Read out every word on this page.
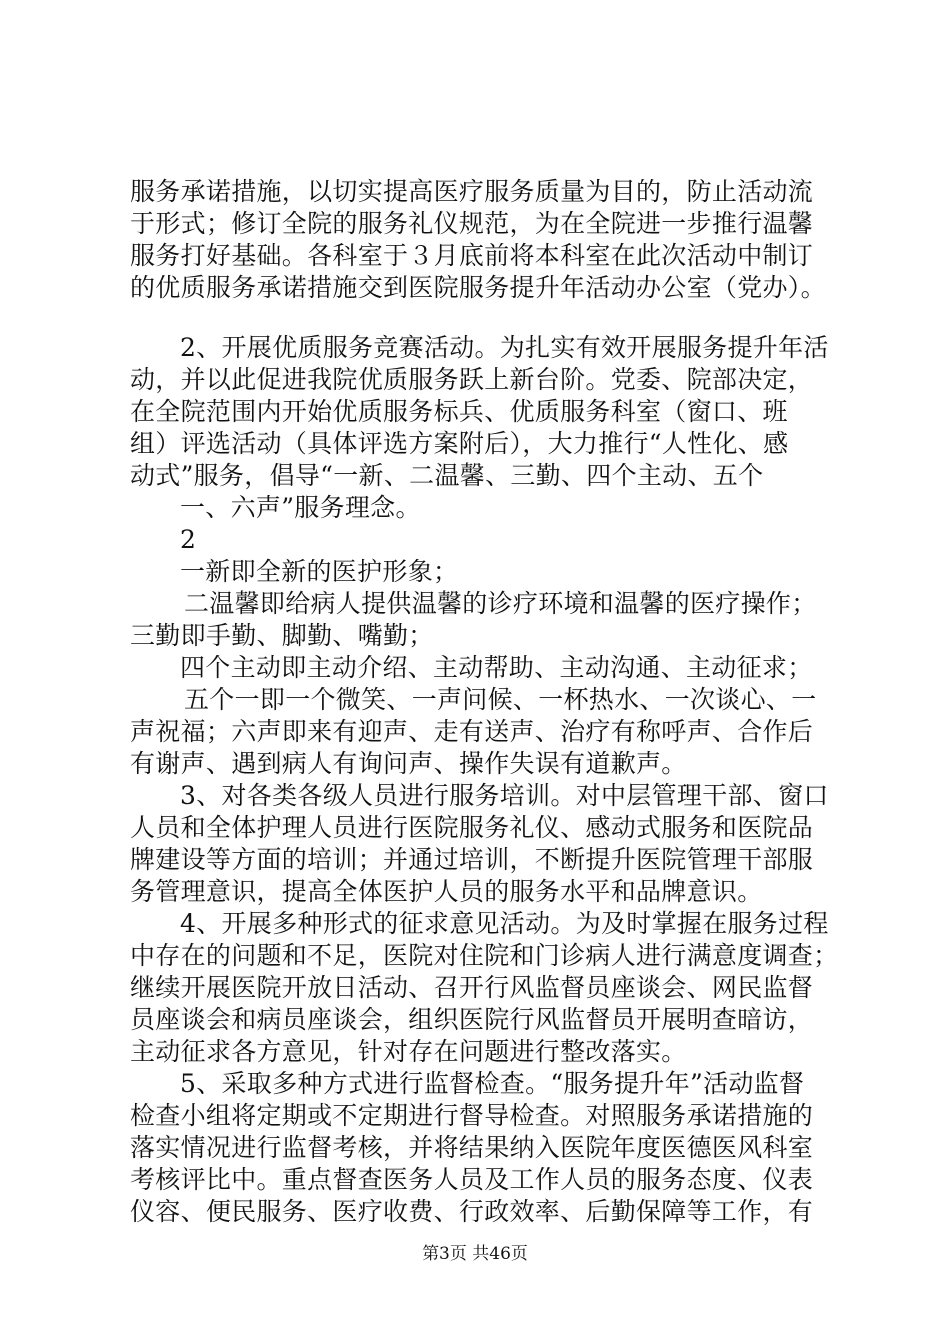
服务承诺措施，以切实提高医疗服务质量为目的，防止活动流
于形式；修订全院的服务礼仪规范，为在全院进一步推行温馨
服务打好基础。各科室于３月底前将本科室在此次活动中制订
的优质服务承诺措施交到医院服务提升年活动办公室（党办）。
2、开展优质服务竞赛活动。为扎实有效开展服务提升年活
动，并以此促进我院优质服务跃上新台阶。党委、院部决定，
在全院范围内开始优质服务标兵、优质服务科室（窗口、班
组）评选活动（具体评选方案附后），大力推行“人性化、感
动式”服务，倡导“一新、二温馨、三勤、四个主动、五个
一、六声”服务理念。
2
一新即全新的医护形象；
二温馨即给病人提供温馨的诊疗环境和温馨的医疗操作；
三勤即手勤、脚勤、嘴勤；
四个主动即主动介绍、主动帮助、主动沟通、主动征求；
五个一即一个微笑、一声问候、一杯热水、一次谈心、一
声祝福；六声即来有迎声、走有送声、治疗有称呼声、合作后
有谢声、遇到病人有询问声、操作失误有道歉声。
3、对各类各级人员进行服务培训。对中层管理干部、窗口
人员和全体护理人员进行医院服务礼仪、感动式服务和医院品
牌建设等方面的培训；并通过培训，不断提升医院管理干部服
务管理意识，提高全体医护人员的服务水平和品牌意识。
4、开展多种形式的征求意见活动。为及时掌握在服务过程
中存在的问题和不足，医院对住院和门诊病人进行满意度调查；
继续开展医院开放日活动、召开行风监督员座谈会、网民监督
员座谈会和病员座谈会，组织医院行风监督员开展明查暗访，
主动征求各方意见，针对存在问题进行整改落实。
5、采取多种方式进行监督检查。“服务提升年”活动监督
检查小组将定期或不定期进行督导检查。对照服务承诺措施的
落实情况进行监督考核，并将结果纳入医院年度医德医风科室
考核评比中。重点督查医务人员及工作人员的服务态度、仪表
仪容、便民服务、医疗收费、行政效率、后勤保障等工作，有
第3页 共46页
